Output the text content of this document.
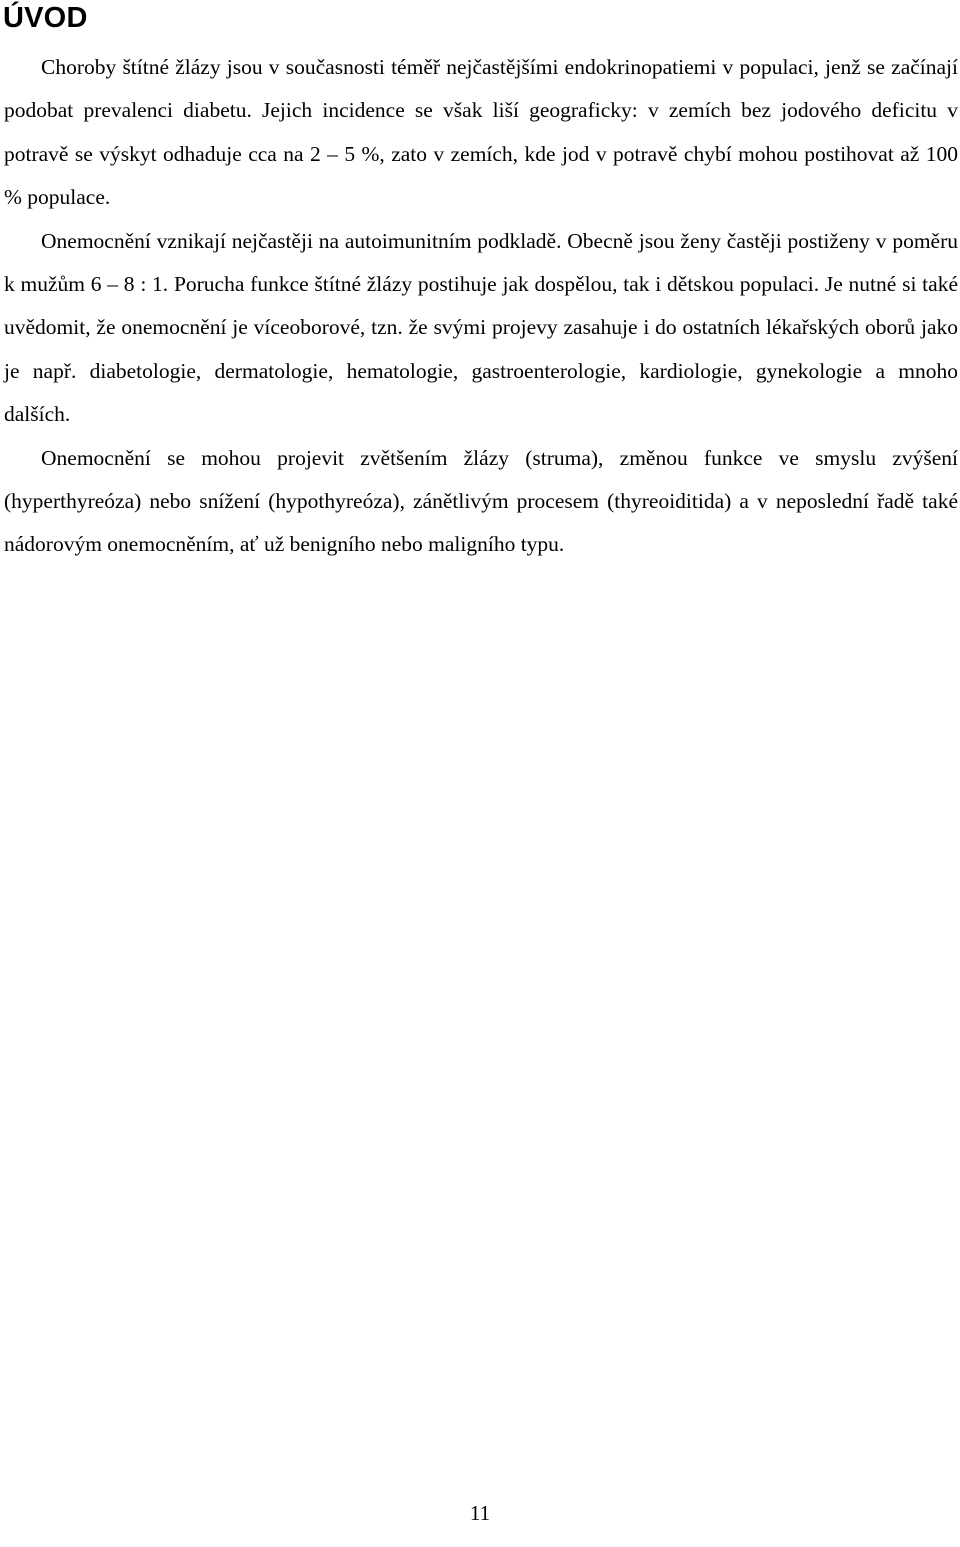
ÚVOD

Choroby štítné žlázy jsou v současnosti téměř nejčastějšími endokrinopatiemi v populaci, jenž se začínají podobat prevalenci diabetu. Jejich incidence se však liší geograficky: v zemích bez jodového deficitu v potravě se výskyt odhaduje cca na 2 – 5 %, zato v zemích, kde jod v potravě chybí mohou postihovat až 100 % populace.

Onemocnění vznikají nejčastěji na autoimunitním podkladě. Obecně jsou ženy častěji postiženy v poměru k mužům 6 – 8 : 1. Porucha funkce štítné žlázy postihuje jak dospělou, tak i dětskou populaci. Je nutné si také uvědomit, že onemocnění je víceoborové, tzn. že svými projevy zasahuje i do ostatních lékařských oborů jako je např. diabetologie, dermatologie, hematologie, gastroenterologie, kardiologie, gynekologie a mnoho dalších.

Onemocnění se mohou projevit zvětšením žlázy (struma), změnou funkce ve smyslu zvýšení (hyperthyreóza) nebo snížení (hypothyreóza), zánětlivým procesem (thyreoiditida) a v neposlední řadě také nádorovým onemocněním, ať už benigního nebo maligního typu.

11
